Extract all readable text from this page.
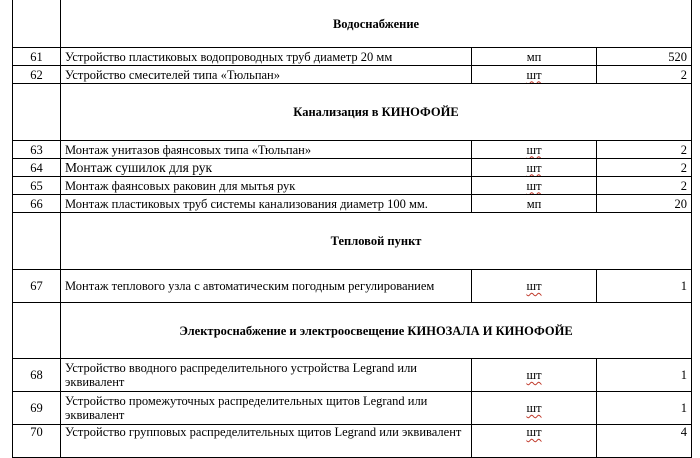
	Водоснабжение		
61	Устройство пластиковых водопроводных труб диаметр 20 мм	мп	520
62	Устройство смесителей типа «Тюльпан»	шт	2
	Канализация в КИНОФОЙЕ		
63	Монтаж унитазов фаянсовых типа «Тюльпан»	шт	2
64	Монтаж сушилок для рук	шт	2
65	Монтаж фаянсовых раковин для мытья рук	шт	2
66	Монтаж пластиковых труб системы канализования диаметр 100 мм.	мп	20
	Тепловой пункт		
67	Монтаж теплового узла с автоматическим погодным регулированием	шт	1
	Электроснабжение и электроосвещение КИНОЗАЛА И КИНОФОЙЕ		
68	Устройство вводного распределительного устройства Legrand или эквивалент	шт	1
69	Устройство промежуточных распределительных щитов Legrand или эквивалент	шт	1
70	Устройство групповых распределительных щитов Legrand или эквивалент	шт	4
